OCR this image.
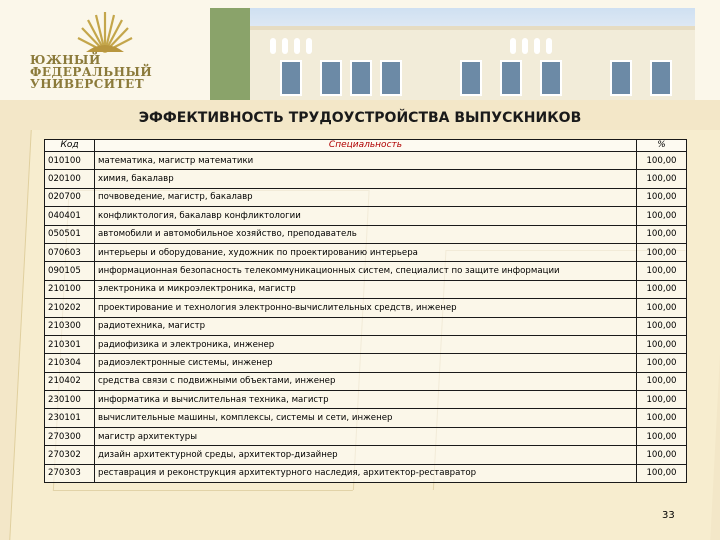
ЮЖНЫЙ
ФЕДЕРАЛЬНЫЙ
УНИВЕРСИТЕТ
ЭФФЕКТИВНОСТЬ ТРУДОУСТРОЙСТВА ВЫПУСКНИКОВ
Код	Специальность	%
010100	математика, магистр математики	100,00
020100	химия, бакалавр	100,00
020700	почвоведение, магистр, бакалавр	100,00
040401	конфликтология, бакалавр конфликтологии	100,00
050501	автомобили и автомобильное хозяйство, преподаватель	100,00
070603	интерьеры и оборудование, художник по проектированию интерьера	100,00
090105	информационная безопасность телекоммуникационных систем, специалист по защите информации	100,00
210100	электроника и микроэлектроника, магистр	100,00
210202	проектирование и технология электронно-вычислительных средств, инженер	100,00
210300	радиотехника, магистр	100,00
210301	радиофизика и электроника, инженер	100,00
210304	радиоэлектронные системы, инженер	100,00
210402	средства связи с подвижными объектами, инженер	100,00
230100	информатика и вычислительная техника, магистр	100,00
230101	вычислительные машины, комплексы, системы и сети, инженер	100,00
270300	магистр архитектуры	100,00
270302	дизайн архитектурной среды, архитектор-дизайнер	100,00
270303	реставрация и реконструкция архитектурного наследия, архитектор-реставратор	100,00
33
